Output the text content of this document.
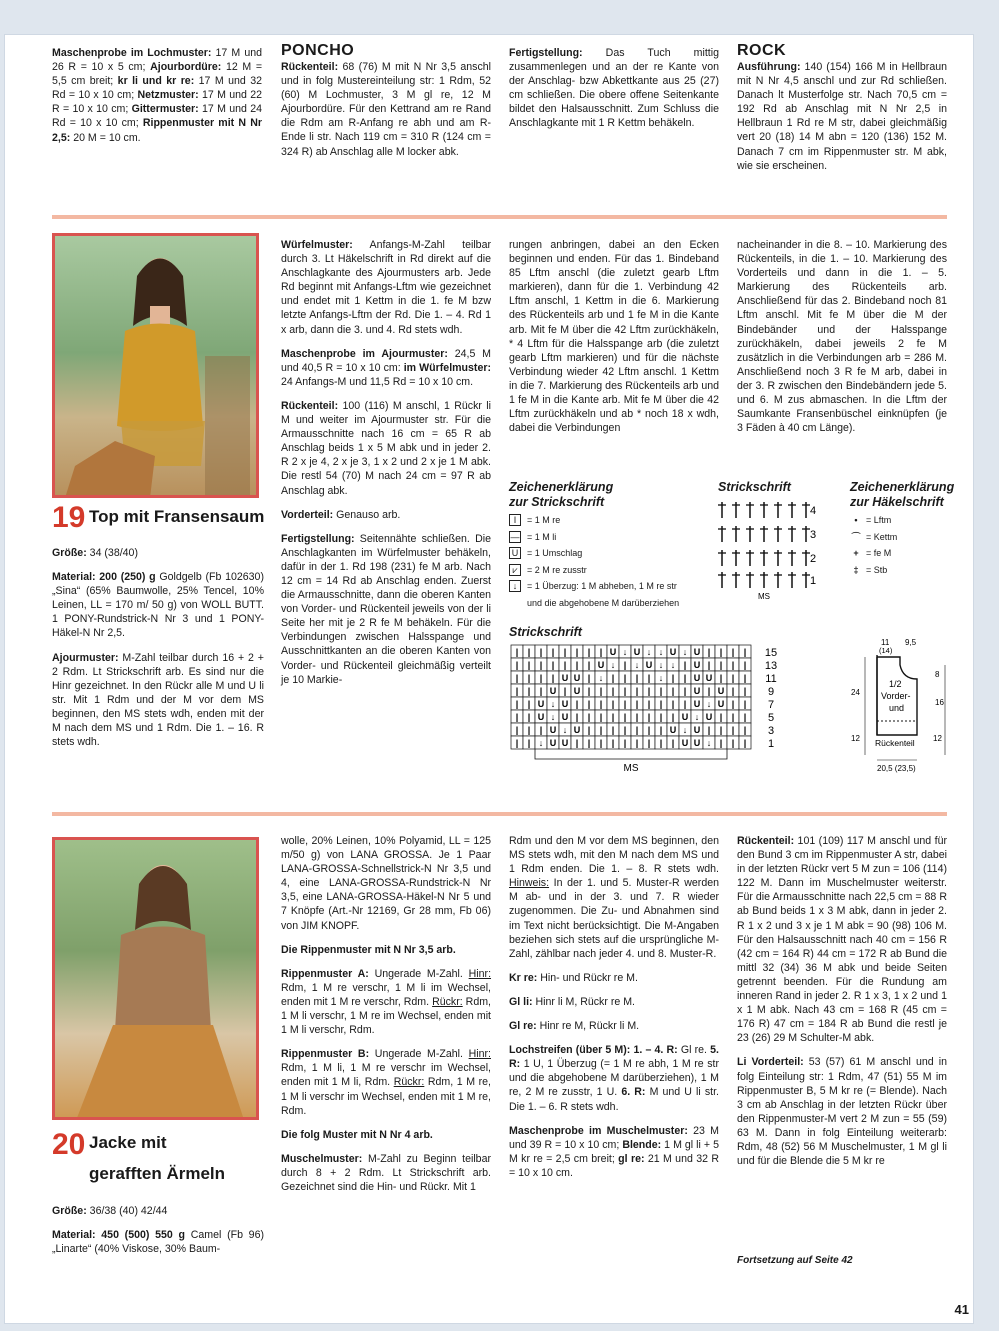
Maschenprobe im Lochmuster: 17 M und 26 R = 10 x 5 cm; Ajourbordüre: 12 M = 5,5 cm breit; kr li und kr re: 17 M und 32 Rd = 10 x 10 cm; Netzmuster: 17 M und 22 R = 10 x 10 cm; Gittermuster: 17 M und 24 Rd = 10 x 10 cm; Rippenmuster mit N Nr 2,5: 20 M = 10 cm.
PONCHO
Rückenteil: 68 (76) M mit N Nr 3,5 anschl und in folg Mustereinteilung str: 1 Rdm, 52 (60) M Lochmuster, 3 M gl re, 12 M Ajourbordüre. Für den Kettrand am re Rand die Rdm am R-Anfang re abh und am R-Ende li str. Nach 119 cm = 310 R (124 cm = 324 R) ab Anschlag alle M locker abk.
Fertigstellung: Das Tuch mittig zusammenlegen und an der re Kante von der Anschlag- bzw Abkettkante aus 25 (27) cm schließen. Die obere offene Seitenkante bildet den Halsausschnitt. Zum Schluss die Anschlagkante mit 1 R Kettm behäkeln.
ROCK
Ausführung: 140 (154) 166 M in Hellbraun mit N Nr 4,5 anschl und zur Rd schließen. Danach lt Musterfolge str. Nach 70,5 cm = 192 Rd ab Anschlag mit N Nr 2,5 in Hellbraun 1 Rd re M str, dabei gleichmäßig vert 20 (18) 14 M abn = 120 (136) 152 M. Danach 7 cm im Rippenmuster str. M abk, wie sie erscheinen.
19 Top mit Fransensaum

Größe: 34 (38/40)

Material: 200 (250) g Goldgelb (Fb 102630) „Sina“ (65% Baumwolle, 25% Tencel, 10% Leinen, LL = 170 m/ 50 g) von WOLL BUTT. 1 PONY-Rundstrick-N Nr 3 und 1 PONY-Häkel-N Nr 2,5.

Ajourmuster: M-Zahl teilbar durch 16 + 2 + 2 Rdm. Lt Strickschrift arb. Es sind nur die Hinr gezeichnet. In den Rückr alle M und U li str. Mit 1 Rdm und der M vor dem MS beginnen, den MS stets wdh, enden mit der M nach dem MS und 1 Rdm. Die 1. – 16. R stets wdh.

Würfelmuster: Anfangs-M-Zahl teilbar durch 3. Lt Häkelschrift in Rd direkt auf die Anschlagkante des Ajourmusters arb. Jede Rd beginnt mit Anfangs-Lftm wie gezeichnet und endet mit 1 Kettm in die 1. fe M bzw letzte Anfangs-Lftm der Rd. Die 1. – 4. Rd 1 x arb, dann die 3. und 4. Rd stets wdh.

Maschenprobe im Ajourmuster: 24,5 M und 40,5 R = 10 x 10 cm: im Würfelmuster: 24 Anfangs-M und 11,5 Rd = 10 x 10 cm.

Rückenteil: 100 (116) M anschl, 1 Rückr li M und weiter im Ajourmuster str. Für die Armausschnitte nach 16 cm = 65 R ab Anschlag beids 1 x 5 M abk und in jeder 2. R 2 x je 4, 2 x je 3, 1 x 2 und 2 x je 1 M abk. Die restl 54 (70) M nach 24 cm = 97 R ab Anschlag abk.

Vorderteil: Genauso arb.

Fertigstellung: Seitennähte schließen. Die Anschlagkanten im Würfelmuster behäkeln, dafür in der 1. Rd 198 (231) fe M arb. Nach 12 cm = 14 Rd ab Anschlag enden. Zuerst die Armausschnitte, dann die oberen Kanten von Vorder- und Rückenteil jeweils von der li Seite her mit je 2 R fe M behäkeln. Für die Verbindungen zwischen Halsspange und Ausschnittkanten an die oberen Kanten von Vorder- und Rückenteil gleichmäßig verteilt je 10 Markie-

rungen anbringen, dabei an den Ecken beginnen und enden. Für das 1. Bindeband 85 Lftm anschl (die zuletzt gearb Lftm markieren), dann für die 1. Verbindung 42 Lftm anschl, 1 Kettm in die 6. Markierung des Rückenteils arb und 1 fe M in die Kante arb. Mit fe M über die 42 Lftm zurückhäkeln, * 4 Lftm für die Halsspange arb (die zuletzt gearb Lftm markieren) und für die nächste Verbindung wieder 42 Lftm anschl. 1 Kettm in die 7. Markierung des Rückenteils arb und 1 fe M in die Kante arb. Mit fe M über die 42 Lftm zurückhäkeln und ab * noch 18 x wdh, dabei die Verbindungen
nacheinander in die 8. – 10. Markierung des Rückenteils, in die 1. – 10. Markierung des Vorderteils und dann in die 1. – 5. Markierung des Rückenteils arb. Anschließend für das 2. Bindeband noch 81 Lftm anschl. Mit fe M über die M der Bindebänder und der Halsspange zurückhäkeln, dabei jeweils 2 fe M zusätzlich in die Verbindungen arb = 286 M. Anschließend noch 3 R fe M arb, dabei in der 3. R zwischen den Bindebändern jede 5. und 6. M zus abmaschen. In die Lftm der Saumkante Fransenbüschel einknüpfen (je 3 Fäden à 40 cm Länge).
Zeichenerklärung
zur Strickschrift
I	= 1 M re
— = 1 M li
U = 1 Umschlag
⩗	= 2 M re zusstr
↓	= 1 Überzug: 1 M abheben, 1 M re str
und die abgehobene M darüberziehen
Strickschrift
4
3
2
1
MS
Zeichenerklärung
zur Häkelschrift
• = Lftm
⌒ = Kettm
+ = fe M
‡ = Stb
Strickschrift
| | | | | | | | U ↓ U ↓ ↓ U ↓ U | | | | 15
| | | | | | | U ↓ | ↓ U ↓ ↓ | U | | | | 13
| | | | U U | ↓ | | | | ↓ | | U U | | | 11
| | | U | U | | | | | | | | | U | U | | 9
| | U ↓ U | | | | | | | | | | U ↓ U | | 7
| | U ↓ U | | | | | | | | | U ↓ U | | | 5
| | | U ↓ U | | | | | | | U ↓ U | | | | 3
| | ↓ U U | | | | | | | | | U U ↓ | | | 1
MS
11
(14)
9,5
8
16
12
24
12
1/2
Vorder-
und
Rückenteil
20,5 (23,5)
20 Jacke mit
gerafften Ärmeln

Größe: 36/38 (40) 42/44

Material: 450 (500) 550 g Camel (Fb 96) „Linarte“ (40% Viskose, 30% Baum-

wolle, 20% Leinen, 10% Polyamid, LL = 125 m/50 g) von LANA GROSSA. Je 1 Paar LANA-GROSSA-Schnellstrick-N Nr 3,5 und 4, eine LANA-GROSSA-Rundstrick-N Nr 3,5, eine LANA-GROSSA-Häkel-N Nr 5 und 7 Knöpfe (Art.-Nr 12169, Gr 28 mm, Fb 06) von JIM KNOPF.

Die Rippenmuster mit N Nr 3,5 arb.

Rippenmuster A: Ungerade M-Zahl. Hinr: Rdm, 1 M re verschr, 1 M li im Wechsel, enden mit 1 M re verschr, Rdm. Rückr: Rdm, 1 M li verschr, 1 M re im Wechsel, enden mit 1 M li verschr, Rdm.

Rippenmuster B: Ungerade M-Zahl. Hinr: Rdm, 1 M li, 1 M re verschr im Wechsel, enden mit 1 M li, Rdm. Rückr: Rdm, 1 M re, 1 M li verschr im Wechsel, enden mit 1 M re, Rdm.

Die folg Muster mit N Nr 4 arb.

Muschelmuster: M-Zahl zu Beginn teilbar durch 8 + 2 Rdm. Lt Strickschrift arb. Gezeichnet sind die Hin- und Rückr. Mit 1

Rdm und den M vor dem MS beginnen, den MS stets wdh, mit den M nach dem MS und 1 Rdm enden. Die 1. – 8. R stets wdh. Hinweis: In der 1. und 5. Muster-R werden M ab- und in der 3. und 7. R wieder zugenommen. Die Zu- und Abnahmen sind im Text nicht berücksichtigt. Die M-Angaben beziehen sich stets auf die ursprüngliche M-Zahl, zählbar nach jeder 4. und 8. Muster-R.

Kr re: Hin- und Rückr re M.

Gl li: Hinr li M, Rückr re M.

Gl re: Hinr re M, Rückr li M.

Lochstreifen (über 5 M): 1. – 4. R: Gl re. 5. R: 1 U, 1 Überzug (= 1 M re abh, 1 M re str und die abgehobene M darüberziehen), 1 M re, 2 M re zusstr, 1 U. 6. R: M und U li str. Die 1. – 6. R stets wdh.

Maschenprobe im Muschelmuster: 23 M und 39 R = 10 x 10 cm; Blende: 1 M gl li + 5 M kr re = 2,5 cm breit; gl re: 21 M und 32 R = 10 x 10 cm.

Rückenteil: 101 (109) 117 M anschl und für den Bund 3 cm im Rippenmuster A str, dabei in der letzten Rückr vert 5 M zun = 106 (114) 122 M. Dann im Muschelmuster weiterstr. Für die Armausschnitte nach 22,5 cm = 88 R ab Bund beids 1 x 3 M abk, dann in jeder 2. R 1 x 2 und 3 x je 1 M abk = 90 (98) 106 M. Für den Halsausschnitt nach 40 cm = 156 R (42 cm = 164 R) 44 cm = 172 R ab Bund die mittl 32 (34) 36 M abk und beide Seiten getrennt beenden. Für die Rundung am inneren Rand in jeder 2. R 1 x 3, 1 x 2 und 1 x 1 M abk. Nach 43 cm = 168 R (45 cm = 176 R) 47 cm = 184 R ab Bund die restl je 23 (26) 29 M Schulter-M abk.

Li Vorderteil: 53 (57) 61 M anschl und in folg Einteilung str: 1 Rdm, 47 (51) 55 M im Rippenmuster B, 5 M kr re (= Blende). Nach 3 cm ab Anschlag in der letzten Rückr über den Rippenmuster-M vert 2 M zun = 55 (59) 63 M. Dann in folg Einteilung weiterarb: Rdm, 48 (52) 56 M Muschelmuster, 1 M gl li und für die Blende die 5 M kr re

Fortsetzung auf Seite 42
41
